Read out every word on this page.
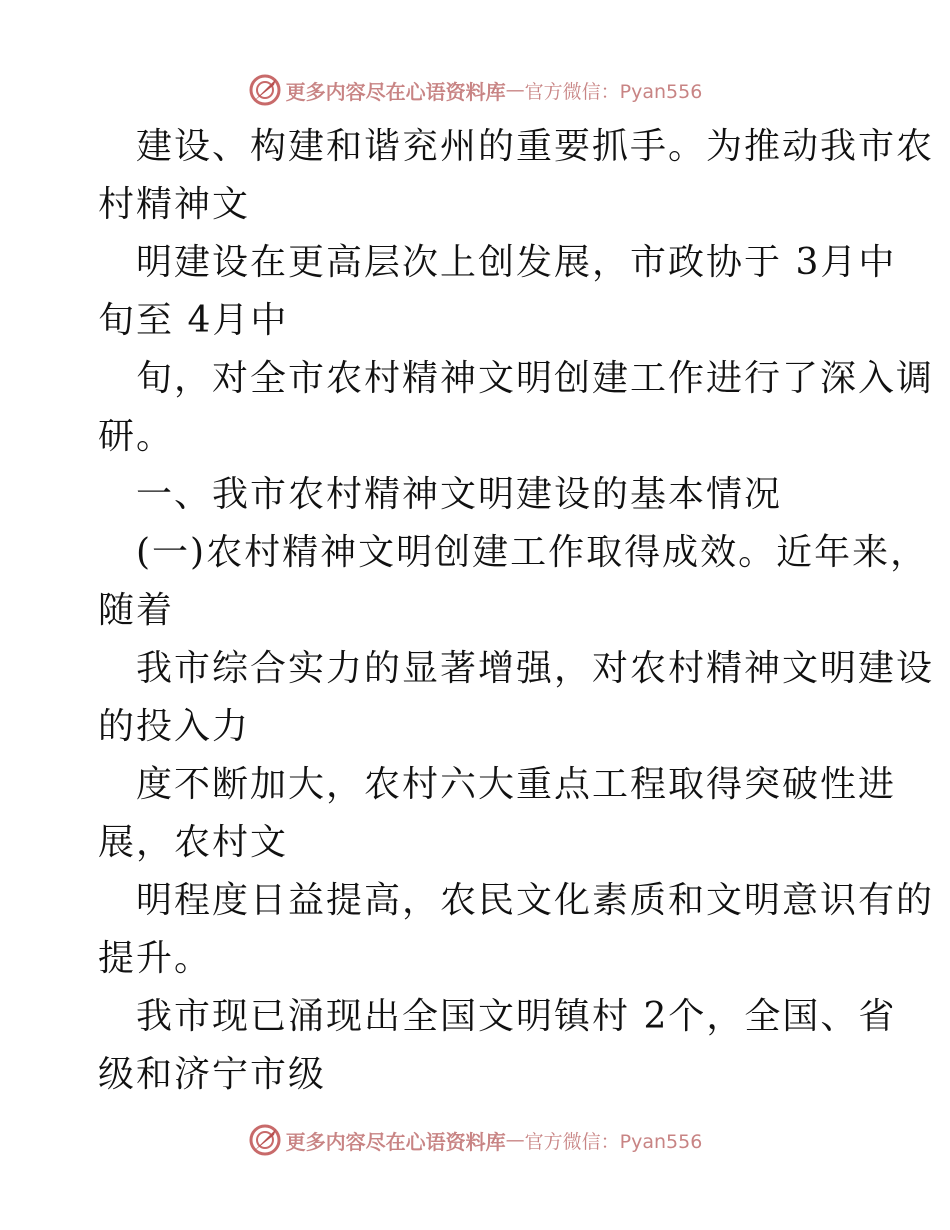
更多内容尽在心语资料库 — 官方微信：Pyan556
建设、构建和谐兖州的重要抓手。为推动我市农
村精神文
明建设在更高层次上创发展，市政协于 3月中
旬至 4月中
旬，对全市农村精神文明创建工作进行了深入调
研。
一、我市农村精神文明建设的基本情况
(一)农村精神文明创建工作取得成效。近年来，
随着
我市综合实力的显著增强，对农村精神文明建设
的投入力
度不断加大，农村六大重点工程取得突破性进
展，农村文
明程度日益提高，农民文化素质和文明意识有的
提升。
我市现已涌现出全国文明镇村 2个，全国、省
级和济宁市级
更多内容尽在心语资料库 — 官方微信：Pyan556
